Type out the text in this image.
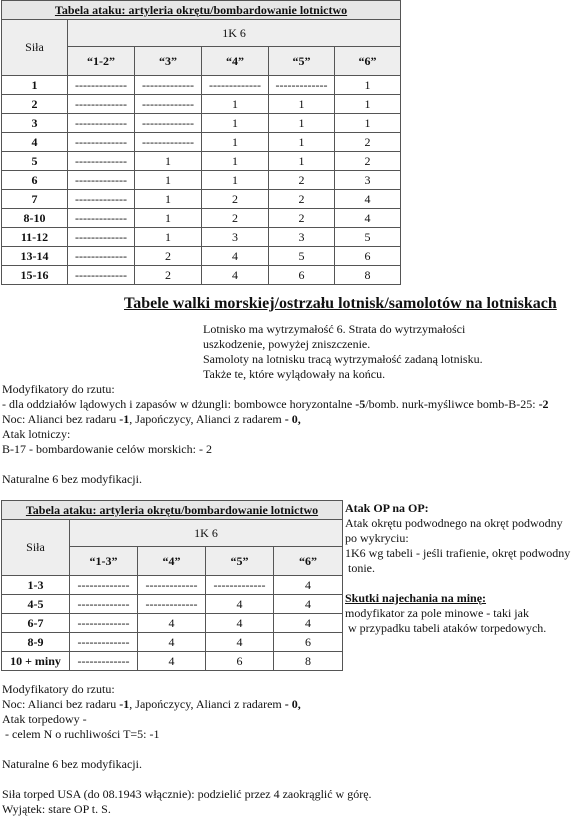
Tabela ataku: artyleria okrętu/bombardowanie lotnictwo					
Siła	1K 6				
	“1-2”	“3”	“4”	“5”	“6”
1	-------------	-------------	-------------	-------------	1
2	-------------	-------------	1	1	1
3	-------------	-------------	1	1	1
4	-------------	-------------	1	1	2
5	-------------	1	1	1	2
6	-------------	1	1	2	3
7	-------------	1	2	2	4
8-10	-------------	1	2	2	4
11-12	-------------	1	3	3	5
13-14	-------------	2	4	5	6
15-16	-------------	2	4	6	8
Tabele walki morskiej/ostrzału lotnisk/samolotów na lotniskach
Lotnisko ma wytrzymałość 6. Strata do wytrzymałości
uszkodzenie, powyżej zniszczenie.
Samoloty na lotnisku tracą wytrzymałość zadaną lotnisku.
Także te, które wylądowały na końcu.
Modyfikatory do rzutu:
- dla oddziałów lądowych i zapasów w dżungli: bombowce horyzontalne -5/bomb. nurk-myśliwce bomb-B-25: -2
Noc: Alianci bez radaru -1, Japończycy, Alianci z radarem - 0,
Atak lotniczy:
B-17 - bombardowanie celów morskich: - 2
Naturalne 6 bez modyfikacji.
Tabela ataku: artyleria okrętu/bombardowanie lotnictwo				
Siła	1K 6			
	“1-3”	“4”	“5”	“6”
1-3	-------------	-------------	-------------	4
4-5	-------------	-------------	4	4
6-7	-------------	4	4	4
8-9	-------------	4	4	6
10 + miny	-------------	4	6	8
Atak OP na OP:
Atak okrętu podwodnego na okręt podwodny
po wykryciu:
1K6 wg tabeli - jeśli trafienie, okręt podwodny
tonie.
Skutki najechania na minę:
modyfikator za pole minowe - taki jak
w przypadku tabeli ataków torpedowych.
Modyfikatory do rzutu:
Noc: Alianci bez radaru -1, Japończycy, Alianci z radarem - 0,
Atak torpedowy -
- celem N o ruchliwości T=5: -1
Naturalne 6 bez modyfikacji.
Siła torped USA (do 08.1943 włącznie): podzielić przez 4 zaokrąglić w górę.
Wyjątek: stare OP t. S.
